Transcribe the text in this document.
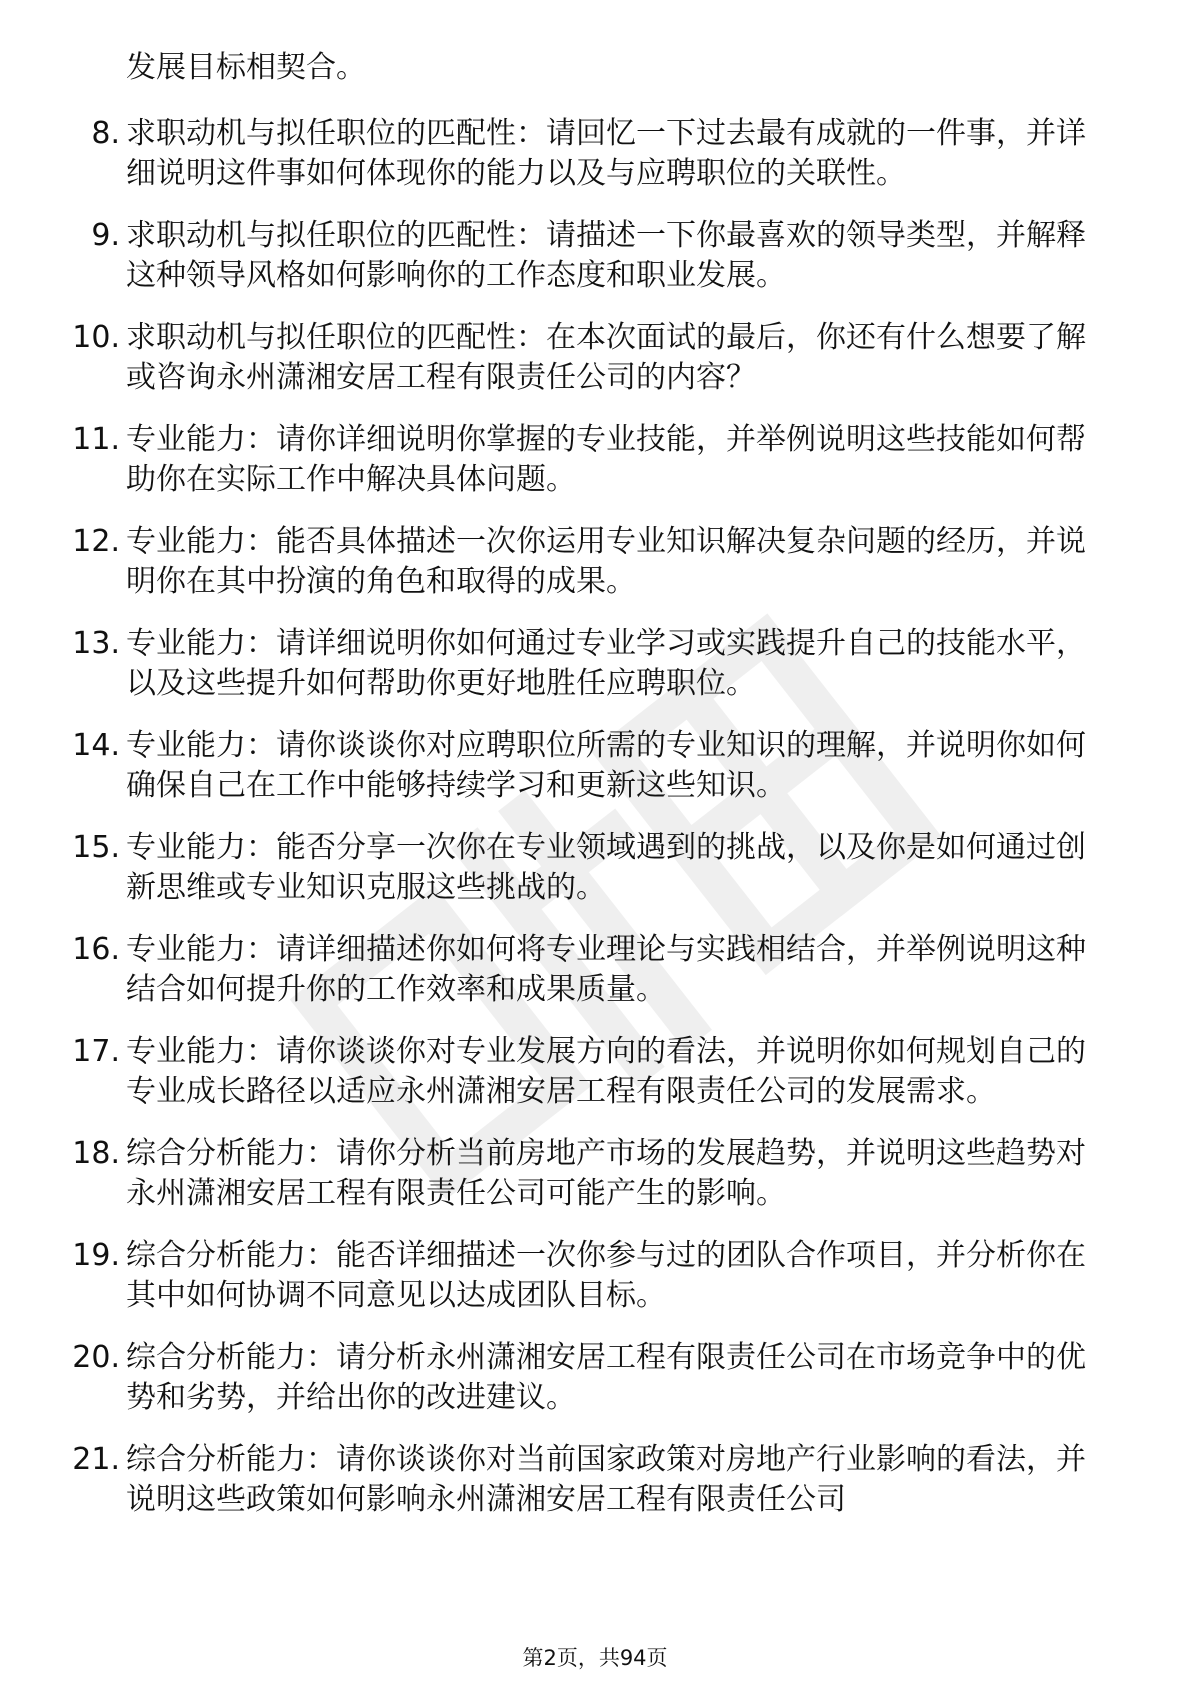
发展目标相契合。
8. 求职动机与拟任职位的匹配性：请回忆一下过去最有成就的一件事，并详细说明这件事如何体现你的能力以及与应聘职位的关联性。
9. 求职动机与拟任职位的匹配性：请描述一下你最喜欢的领导类型，并解释这种领导风格如何影响你的工作态度和职业发展。
10. 求职动机与拟任职位的匹配性：在本次面试的最后，你还有什么想要了解或咨询永州潇湘安居工程有限责任公司的内容？
11. 专业能力：请你详细说明你掌握的专业技能，并举例说明这些技能如何帮助你在实际工作中解决具体问题。
12. 专业能力：能否具体描述一次你运用专业知识解决复杂问题的经历，并说明你在其中扮演的角色和取得的成果。
13. 专业能力：请详细说明你如何通过专业学习或实践提升自己的技能水平，以及这些提升如何帮助你更好地胜任应聘职位。
14. 专业能力：请你谈谈你对应聘职位所需的专业知识的理解，并说明你如何确保自己在工作中能够持续学习和更新这些知识。
15. 专业能力：能否分享一次你在专业领域遇到的挑战，以及你是如何通过创新思维或专业知识克服这些挑战的。
16. 专业能力：请详细描述你如何将专业理论与实践相结合，并举例说明这种结合如何提升你的工作效率和成果质量。
17. 专业能力：请你谈谈你对专业发展方向的看法，并说明你如何规划自己的专业成长路径以适应永州潇湘安居工程有限责任公司的发展需求。
18. 综合分析能力：请你分析当前房地产市场的发展趋势，并说明这些趋势对永州潇湘安居工程有限责任公司可能产生的影响。
19. 综合分析能力：能否详细描述一次你参与过的团队合作项目，并分析你在其中如何协调不同意见以达成团队目标。
20. 综合分析能力：请分析永州潇湘安居工程有限责任公司在市场竞争中的优势和劣势，并给出你的改进建议。
21. 综合分析能力：请你谈谈你对当前国家政策对房地产行业影响的看法，并说明这些政策如何影响永州潇湘安居工程有限责任公司
第2页，共94页
